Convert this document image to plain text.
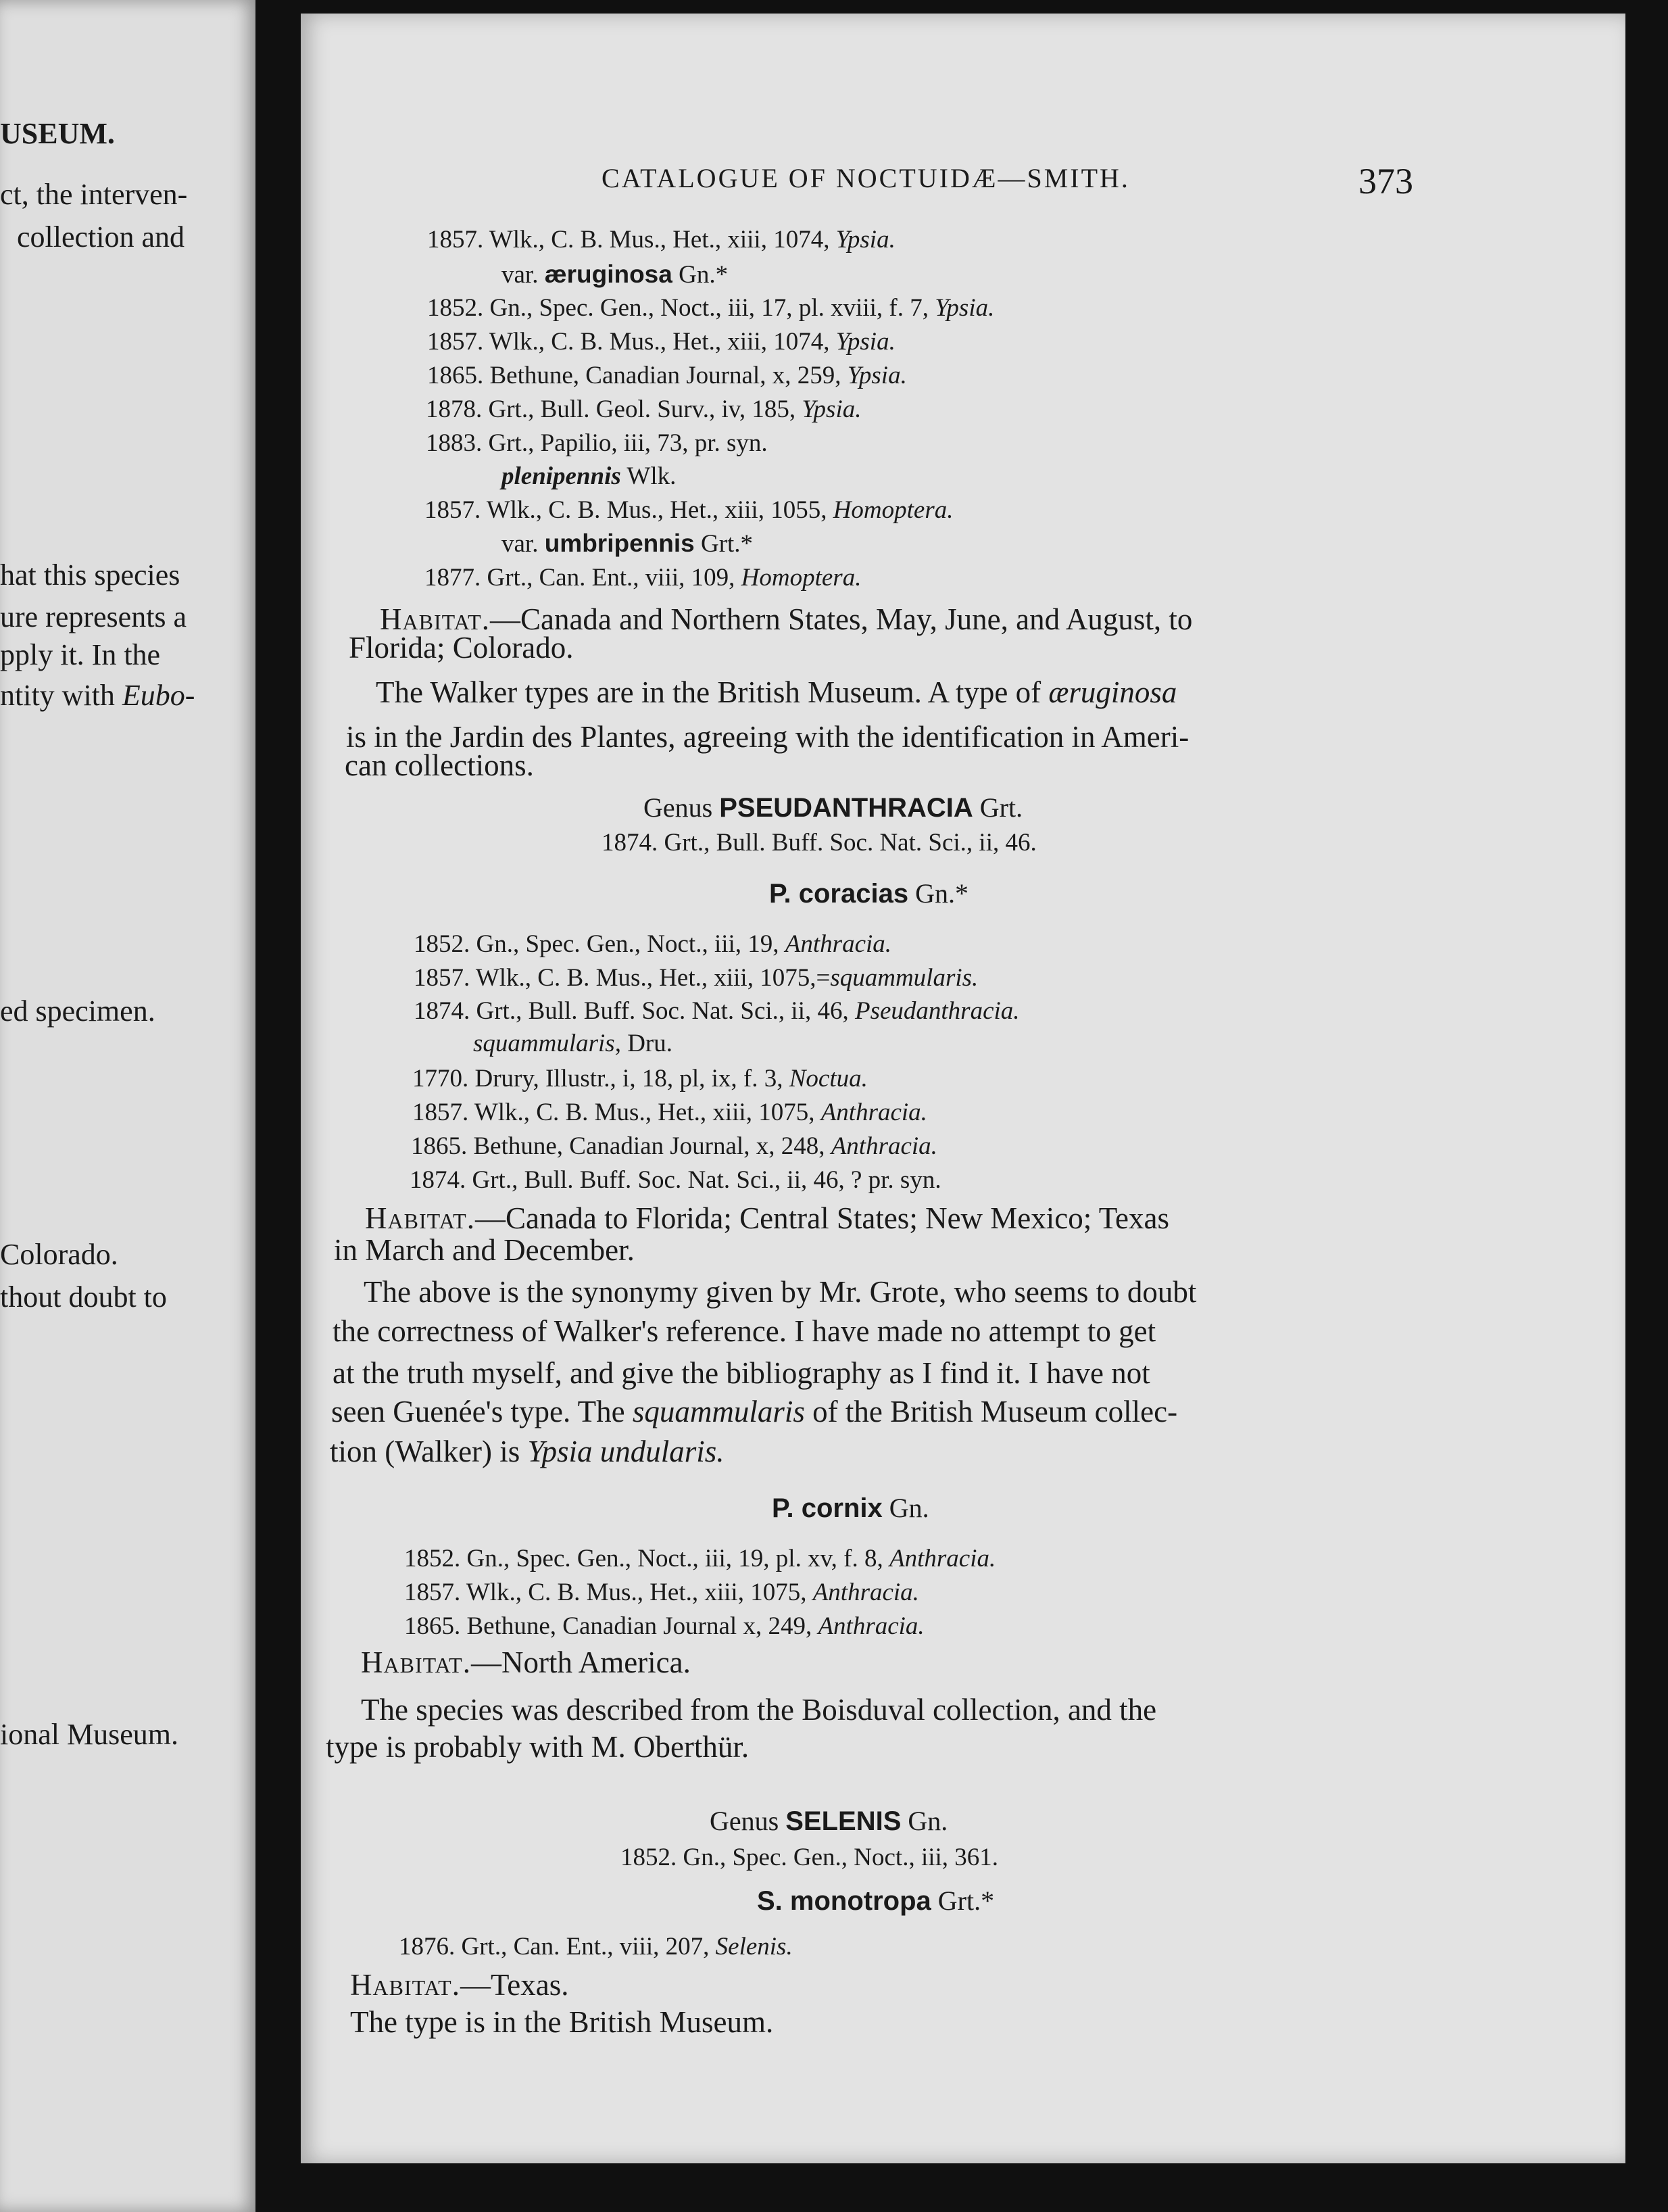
USEUM.
ct, the interven-
collection and
hat this species
ure represents a
pply it. In the
ntity with Eubo-
ed specimen.
Colorado.
thout doubt to
ional Museum.
CATALOGUE OF NOCTUIDÆ—SMITH.	373
1857. Wlk., C. B. Mus., Het., xiii, 1074, Ypsia.
var. æruginosa Gn.*
1852. Gn., Spec. Gen., Noct., iii, 17, pl. xviii, f. 7, Ypsia.
1857. Wlk., C. B. Mus., Het., xiii, 1074, Ypsia.
1865. Bethune, Canadian Journal, x, 259, Ypsia.
1878. Grt., Bull. Geol. Surv., iv, 185, Ypsia.
1883. Grt., Papilio, iii, 73, pr. syn.
plenipennis Wlk.
1857. Wlk., C. B. Mus., Het., xiii, 1055, Homoptera.
var. umbripennis Grt.*
1877. Grt., Can. Ent., viii, 109, Homoptera.
Habitat.—Canada and Northern States, May, June, and August, to
Florida; Colorado.
The Walker types are in the British Museum. A type of æruginosa
is in the Jardin des Plantes, agreeing with the identification in Ameri-
can collections.
Genus PSEUDANTHRACIA Grt.
1874. Grt., Bull. Buff. Soc. Nat. Sci., ii, 46.
P. coracias Gn.*
1852. Gn., Spec. Gen., Noct., iii, 19, Anthracia.
1857. Wlk., C. B. Mus., Het., xiii, 1075,=squammularis.
1874. Grt., Bull. Buff. Soc. Nat. Sci., ii, 46, Pseudanthracia.
squammularis, Dru.
1770. Drury, Illustr., i, 18, pl, ix, f. 3, Noctua.
1857. Wlk., C. B. Mus., Het., xiii, 1075, Anthracia.
1865. Bethune, Canadian Journal, x, 248, Anthracia.
1874. Grt., Bull. Buff. Soc. Nat. Sci., ii, 46, ? pr. syn.
Habitat.—Canada to Florida; Central States; New Mexico; Texas
in March and December.
The above is the synonymy given by Mr. Grote, who seems to doubt
the correctness of Walker's reference. I have made no attempt to get
at the truth myself, and give the bibliography as I find it. I have not
seen Guenée's type. The squammularis of the British Museum collec-
tion (Walker) is Ypsia undularis.
P. cornix Gn.
1852. Gn., Spec. Gen., Noct., iii, 19, pl. xv, f. 8, Anthracia.
1857. Wlk., C. B. Mus., Het., xiii, 1075, Anthracia.
1865. Bethune, Canadian Journal x, 249, Anthracia.
Habitat.—North America.
The species was described from the Boisduval collection, and the
type is probably with M. Oberthür.
Genus SELENIS Gn.
1852. Gn., Spec. Gen., Noct., iii, 361.
S. monotropa Grt.*
1876. Grt., Can. Ent., viii, 207, Selenis.
Habitat.—Texas.
The type is in the British Museum.
